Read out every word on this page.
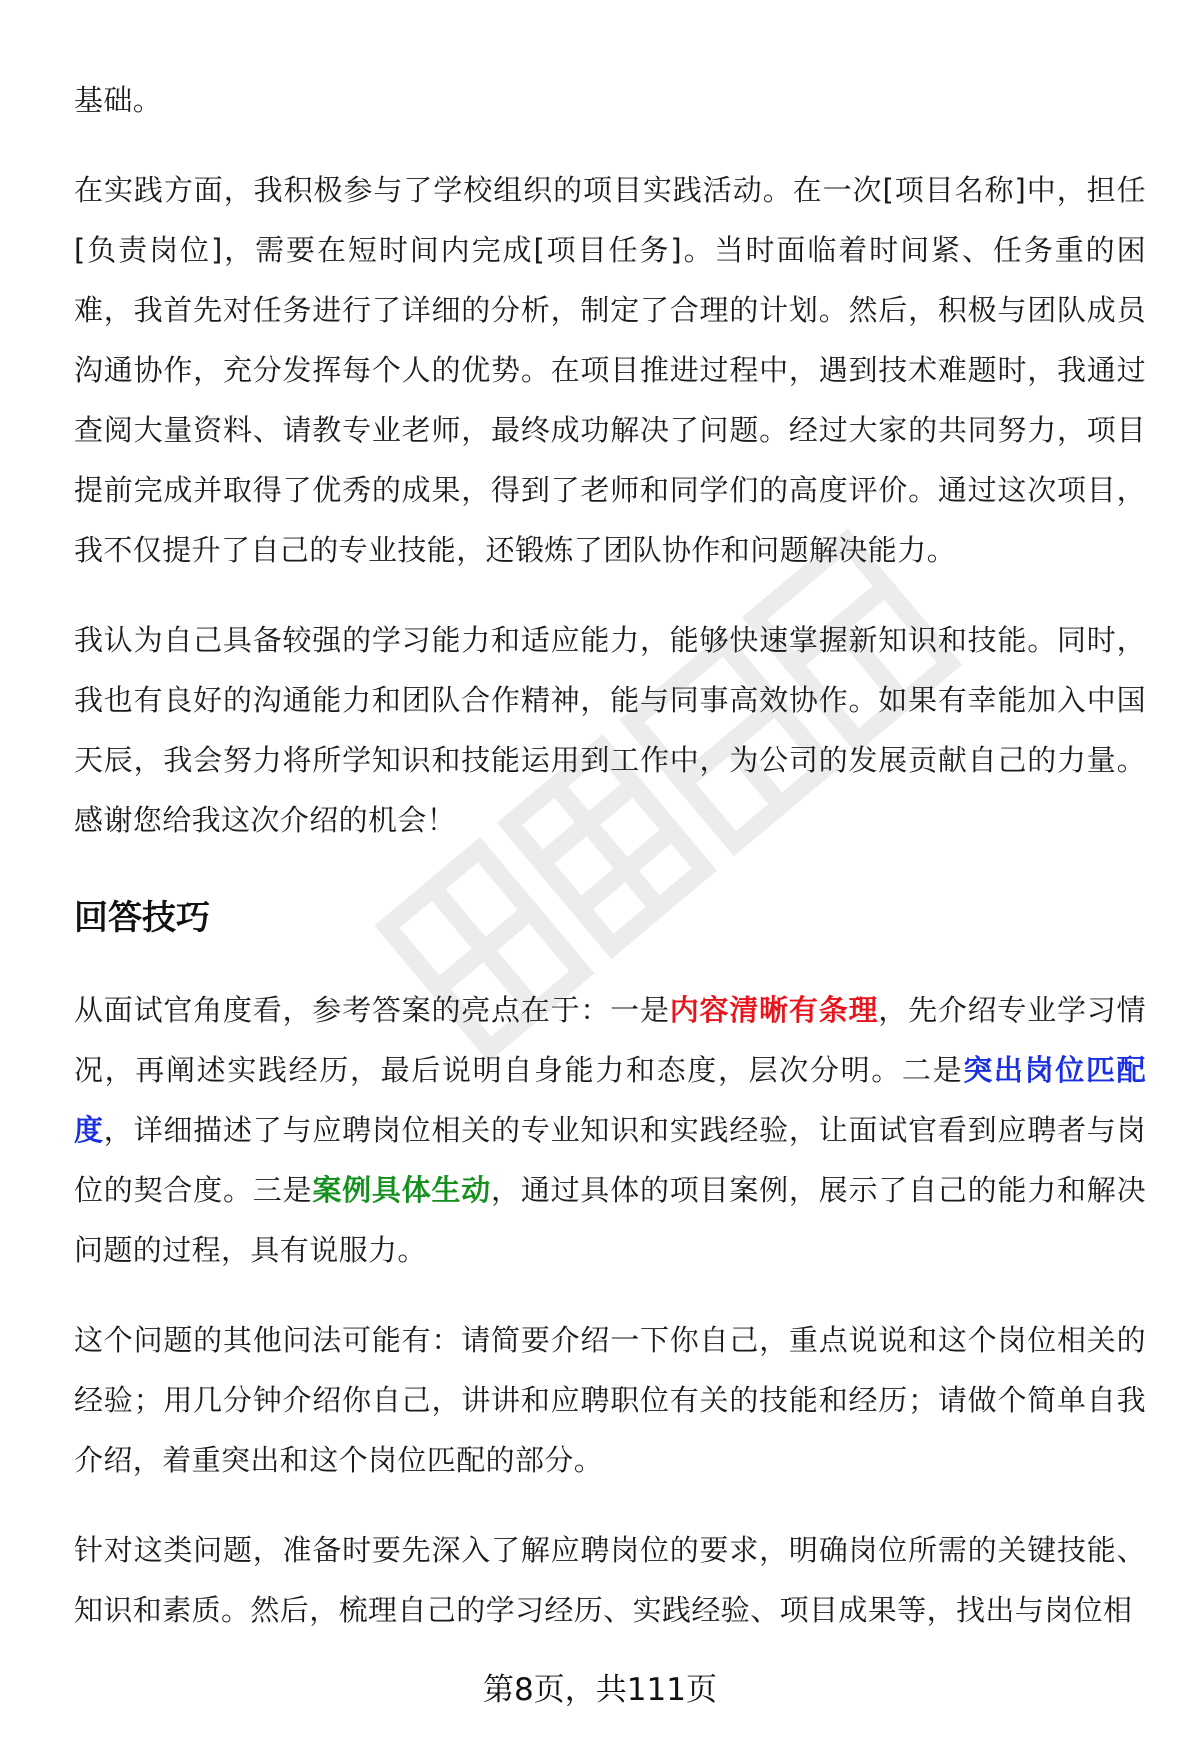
基础。

在实践方面，我积极参与了学校组织的项目实践活动。在一次[项目名称]中，担任[负责岗位]，需要在短时间内完成[项目任务]。当时面临着时间紧、任务重的困难，我首先对任务进行了详细的分析，制定了合理的计划。然后，积极与团队成员沟通协作，充分发挥每个人的优势。在项目推进过程中，遇到技术难题时，我通过查阅大量资料、请教专业老师，最终成功解决了问题。经过大家的共同努力，项目提前完成并取得了优秀的成果，得到了老师和同学们的高度评价。通过这次项目，我不仅提升了自己的专业技能，还锻炼了团队协作和问题解决能力。

我认为自己具备较强的学习能力和适应能力，能够快速掌握新知识和技能。同时，我也有良好的沟通能力和团队合作精神，能与同事高效协作。如果有幸能加入中国天辰，我会努力将所学知识和技能运用到工作中，为公司的发展贡献自己的力量。感谢您给我这次介绍的机会！

回答技巧

从面试官角度看，参考答案的亮点在于：一是内容清晰有条理，先介绍专业学习情况，再阐述实践经历，最后说明自身能力和态度，层次分明。二是突出岗位匹配度，详细描述了与应聘岗位相关的专业知识和实践经验，让面试官看到应聘者与岗位的契合度。三是案例具体生动，通过具体的项目案例，展示了自己的能力和解决问题的过程，具有说服力。

这个问题的其他问法可能有：请简要介绍一下你自己，重点说说和这个岗位相关的经验；用几分钟介绍你自己，讲讲和应聘职位有关的技能和经历；请做个简单自我介绍，着重突出和这个岗位匹配的部分。

针对这类问题，准备时要先深入了解应聘岗位的要求，明确岗位所需的关键技能、知识和素质。然后，梳理自己的学习经历、实践经验、项目成果等，找出与岗位相

第8页，共111页
